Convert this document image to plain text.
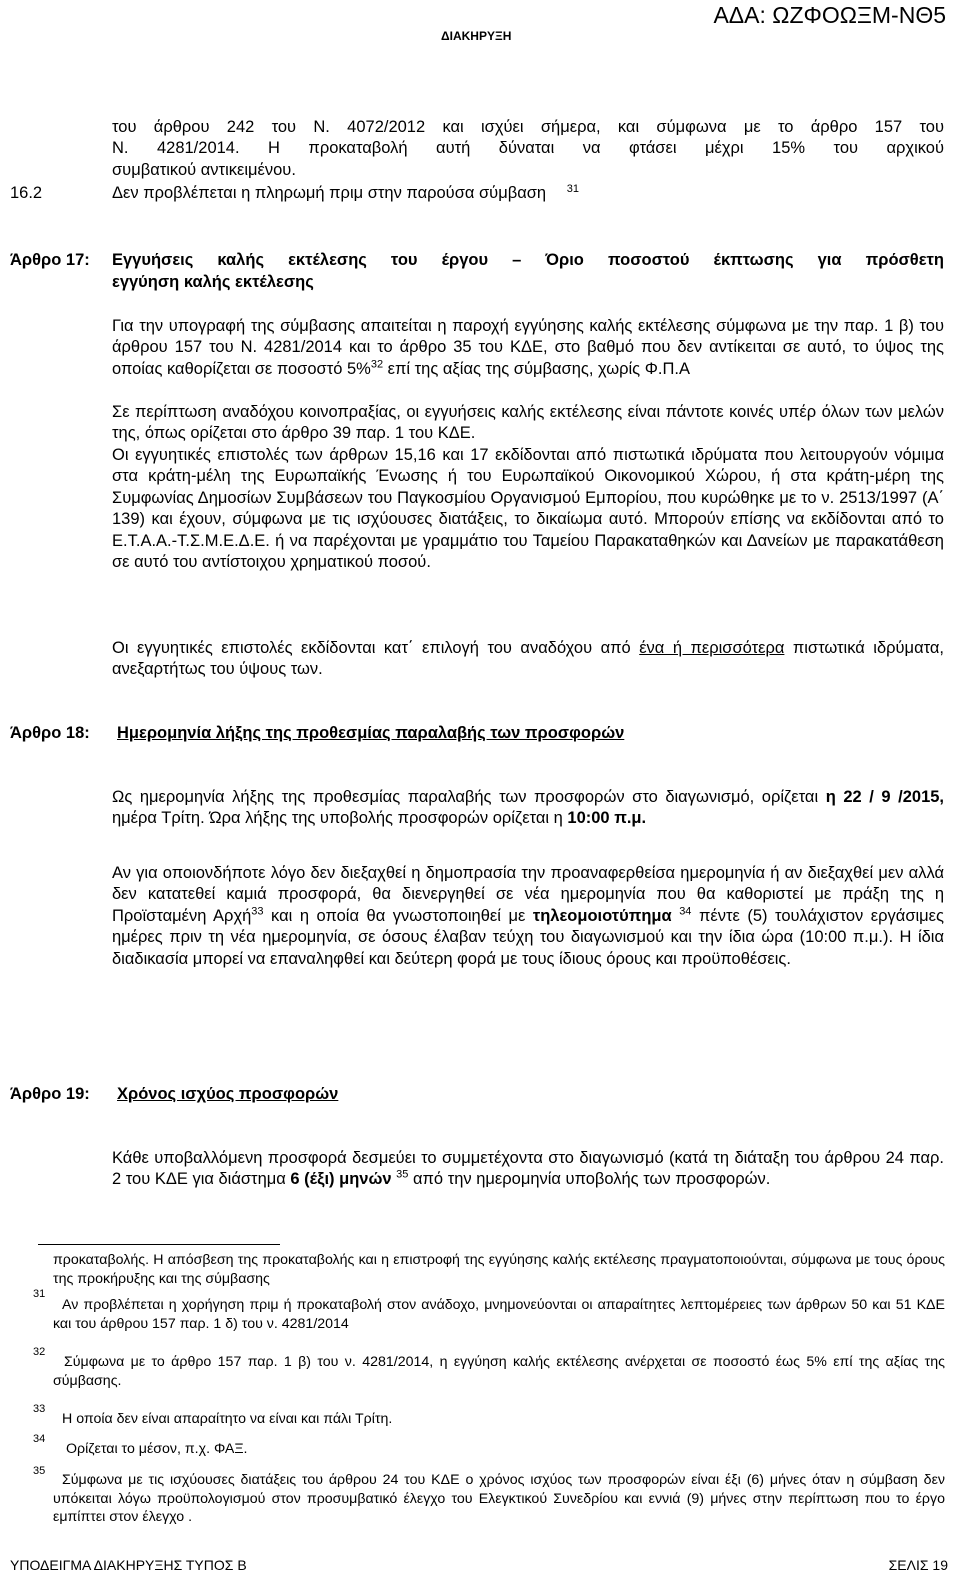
ΑΔΑ: ΩΖΦΟΩΞΜ-ΝΘ5
ΔΙΑΚΗΡΥΞΗ
του άρθρου 242 του Ν. 4072/2012 και ισχύει σήμερα, και σύμφωνα με το άρθρο 157 του
Ν. 4281/2014. Η προκαταβολή αυτή δύναται να φτάσει μέχρι 15% του αρχικού
συμβατικού αντικειμένου.
16.2	Δεν προβλέπεται η πληρωμή πριμ στην παρούσα σύμβαση $^{31}$
Άρθρο 17: Εγγυήσεις καλής εκτέλεσης του έργου – Όριο ποσοστού έκπτωσης για πρόσθετη
εγγύηση καλής εκτέλεσης
Για την υπογραφή της σύμβασης απαιτείται η παροχή εγγύησης καλής εκτέλεσης σύμφωνα με την παρ. 1 β) του άρθρου 157 του Ν. 4281/2014 και το άρθρο 35 του ΚΔΕ, στο βαθμό που δεν αντίκειται σε αυτό, το ύψος της οποίας καθορίζεται σε ποσοστό 5%$^{32}$ επί της αξίας της σύμβασης, χωρίς Φ.Π.Α
Σε περίπτωση αναδόχου κοινοπραξίας, οι εγγυήσεις καλής εκτέλεσης είναι πάντοτε κοινές υπέρ όλων των μελών της, όπως ορίζεται στο άρθρο 39 παρ. 1 του ΚΔΕ.
Οι εγγυητικές επιστολές των άρθρων 15,16 και 17 εκδίδονται από πιστωτικά ιδρύματα που λειτουργούν νόμιμα στα κράτη-μέλη της Ευρωπαϊκής Ένωσης ή του Ευρωπαϊκού Οικονομικού Χώρου, ή στα κράτη-μέρη της Συμφωνίας Δημοσίων Συμβάσεων του Παγκοσμίου Οργανισμού Εμπορίου, που κυρώθηκε με το ν. 2513/1997 (Α΄ 139) και έχουν, σύμφωνα με τις ισχύουσες διατάξεις, το δικαίωμα αυτό. Μπορούν επίσης να εκδίδονται από το Ε.Τ.Α.Α.-Τ.Σ.Μ.Ε.Δ.Ε. ή να παρέχονται με γραμμάτιο του Ταμείου Παρακαταθηκών και Δανείων με παρακατάθεση σε αυτό του αντίστοιχου χρηματικού ποσού.
Οι εγγυητικές επιστολές εκδίδονται κατ΄ επιλογή του αναδόχου από ένα ή περισσότερα πιστωτικά ιδρύματα, ανεξαρτήτως του ύψους των.
Άρθρο 18: Ημερομηνία λήξης της προθεσμίας παραλαβής των προσφορών
Ως ημερομηνία λήξης της προθεσμίας παραλαβής των προσφορών στο διαγωνισμό, ορίζεται η 22 / 9 /2015, ημέρα Τρίτη. Ώρα λήξης της υποβολής προσφορών ορίζεται η 10:00 π.μ.
Αν για οποιονδήποτε λόγο δεν διεξαχθεί η δημοπρασία την προαναφερθείσα ημερομηνία ή αν διεξαχθεί μεν αλλά δεν κατατεθεί καμιά προσφορά, θα διενεργηθεί σε νέα ημερομηνία που θα καθοριστεί με πράξη της η Προϊσταμένη Αρχή$^{33}$ και η οποία θα γνωστοποιηθεί με τηλεομοιοτύπημα $^{34}$ πέντε (5) τουλάχιστον εργάσιμες ημέρες πριν τη νέα ημερομηνία, σε όσους έλαβαν τεύχη του διαγωνισμού και την ίδια ώρα (10:00 π.μ.). Η ίδια διαδικασία μπορεί να επαναληφθεί και δεύτερη φορά με τους ίδιους όρους και προϋποθέσεις.
Άρθρο 19: Χρόνος ισχύος προσφορών
Κάθε υποβαλλόμενη προσφορά δεσμεύει το συμμετέχοντα στο διαγωνισμό (κατά τη διάταξη του άρθρου 24 παρ. 2 του ΚΔΕ για διάστημα 6 (έξι) μηνών $^{35}$ από την ημερομηνία υποβολής των προσφορών.
προκαταβολής. Η απόσβεση της προκαταβολής και η επιστροφή της εγγύησης καλής εκτέλεσης πραγματοποιούνται, σύμφωνα με τους όρους της προκήρυξης και της σύμβασης
31
Αν προβλέπεται η χορήγηση πριμ ή προκαταβολή στον ανάδοχο, μνημονεύονται οι απαραίτητες λεπτομέρειες των άρθρων 50 και 51 ΚΔΕ και του άρθρου 157 παρ. 1 δ) του ν. 4281/2014
32
Σύμφωνα με το άρθρο 157 παρ. 1 β) του ν. 4281/2014, η εγγύηση καλής εκτέλεσης ανέρχεται σε ποσοστό έως 5% επί της αξίας της σύμβασης.
33
Η οποία δεν είναι απαραίτητο να είναι και πάλι Τρίτη.
34
Ορίζεται το μέσον, π.χ. ΦΑΞ.
35
Σύμφωνα με τις ισχύουσες διατάξεις του άρθρου 24 του ΚΔΕ ο χρόνος ισχύος των προσφορών είναι έξι (6) μήνες όταν η σύμβαση δεν υπόκειται λόγω προϋπολογισμού στον προσυμβατικό έλεγχο του Ελεγκτικού Συνεδρίου και εννιά (9) μήνες στην περίπτωση που το έργο εμπίπτει στον έλεγχο .
ΥΠΟΔΕΙΓΜΑ ΔΙΑΚΗΡΥΞΗΣ ΤΥΠΟΣ Β	ΣΕΛΙΣ 19
